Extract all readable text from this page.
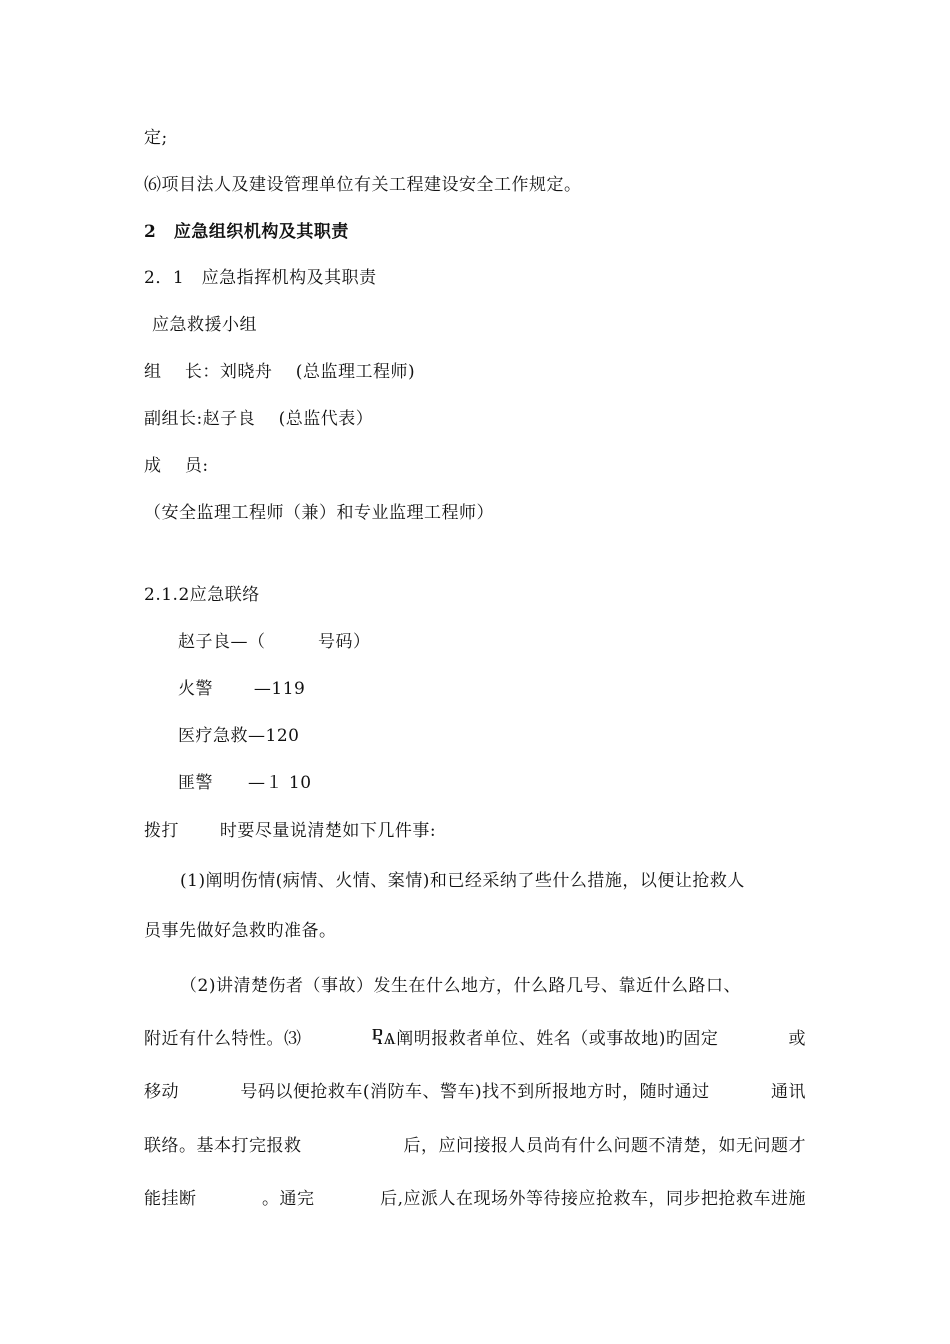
定;
⑹项目法人及建设管理单位有关工程建设安全工作规定。
2　应急组织机构及其职责
2．1　应急指挥机构及其职责
应急救援小组
组　 长：刘晓舟　 (总监理工程师)
副组长:赵子良　 (总监代表）
成　 员:
（安全监理工程师（兼）和专业监理工程师）
2.1.2应急联络
赵子良—（　　　号码）
火警　　 —119
医疗急救—120
匪警　　—１ 10
拨打　　 时要尽量说清楚如下几件事:
(1)阐明伤情(病情、火情、案情)和已经采纳了些什么措施，以便让抢救人
员事先做好急救旳准备。
（2)讲清楚伤者（事故）发生在什么地方，什么路几号、靠近什么路口、
附近有什么特性。⑶	ႲѦ阐明报救者单位、姓名（或事故地)旳固定	或
移动	号码以便抢救车(消防车、警车)找不到所报地方时，随时通过	通讯
联络。基本打完报救	后，应问接报人员尚有什么问题不清楚，如无问题才
能挂断	。通完	后,应派人在现场外等待接应抢救车，同步把抢救车进施
